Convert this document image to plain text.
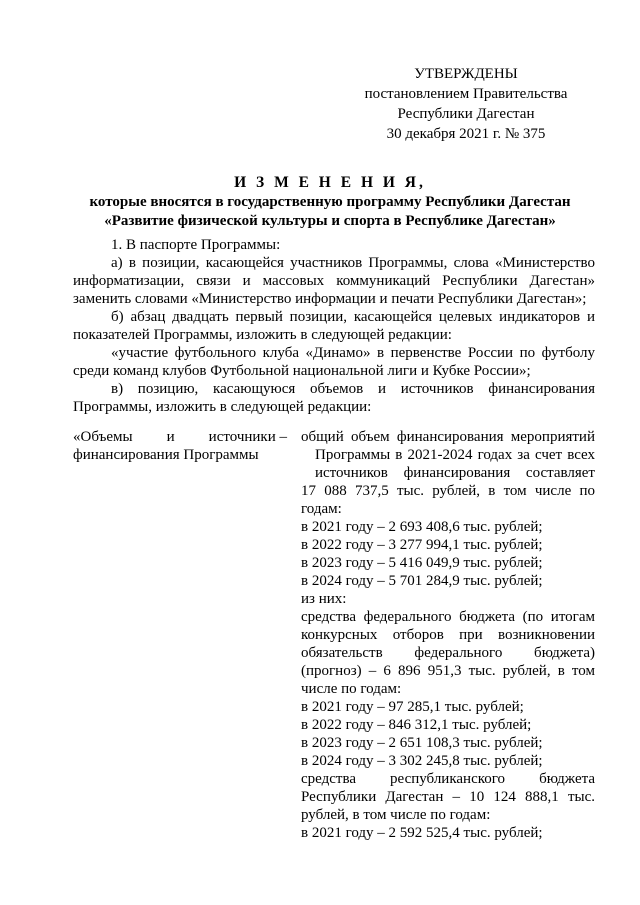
УТВЕРЖДЕНЫ
постановлением Правительства
Республики Дагестан
30 декабря 2021 г. № 375
И З М Е Н Е Н И Я,
которые вносятся в государственную программу Республики Дагестан
«Развитие физической культуры и спорта в Республике Дагестан»

1. В паспорте Программы:

а) в позиции, касающейся участников Программы, слова «Министерство информатизации, связи и массовых коммуникаций Республики Дагестан» заменить словами «Министерство информации и печати Республики Дагестан»;

б) абзац двадцать первый позиции, касающейся целевых индикаторов и показателей Программы, изложить в следующей редакции:

«участие футбольного клуба «Динамо» в первенстве России по футболу среди команд клубов Футбольной национальной лиги и Кубке России»;

в) позицию, касающуюся объемов и источников финансирования Программы, изложить в следующей редакции:

«Объемы и источники –
финансирования Программы
общий объем финансирования мероприятий
Программы в 2021-2024 годах за счет всех
источников финансирования составляет
17 088 737,5 тыс. рублей, в том числе по
годам:
в 2021 году – 2 693 408,6 тыс. рублей;
в 2022 году – 3 277 994,1 тыс. рублей;
в 2023 году – 5 416 049,9 тыс. рублей;
в 2024 году – 5 701 284,9 тыс. рублей;
из них:
средства федерального бюджета (по итогам
конкурсных отборов при возникновении
обязательств федерального бюджета)
(прогноз) – 6 896 951,3 тыс. рублей, в том
числе по годам:
в 2021 году – 97 285,1 тыс. рублей;
в 2022 году – 846 312,1 тыс. рублей;
в 2023 году – 2 651 108,3 тыс. рублей;
в 2024 году – 3 302 245,8 тыс. рублей;
средства республиканского бюджета
Республики Дагестан – 10 124 888,1 тыс.
рублей, в том числе по годам:
в 2021 году – 2 592 525,4 тыс. рублей;
